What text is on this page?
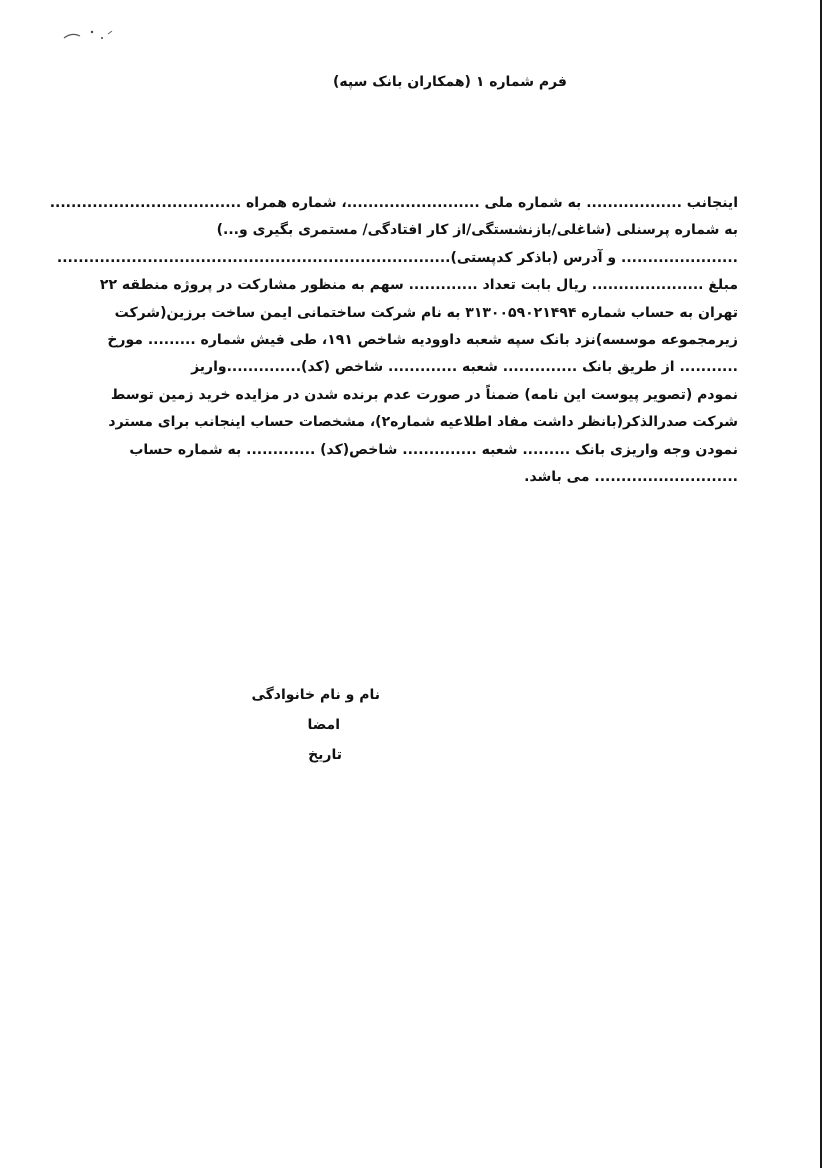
فرم شماره ۱ (همکاران بانک سپه)
اینجانب .................. به شماره ملی .........................، شماره همراه ....................................
به شماره پرسنلی (شاغلی/بازنشستگی/از کار افتادگی/ مستمری بگیری و...)
...................... و آدرس (باذکر کدپستی)..........................................................................
مبلغ ..................... ریال بابت تعداد ............. سهم به منظور مشارکت در پروژه منطقه ۲۲
تهران به حساب شماره ۳۱۳۰۰۵۹۰۲۱۴۹۴ به نام شرکت ساختمانی ایمن ساخت برزین(شرکت
زیرمجموعه موسسه)نزد بانک سپه شعبه داوودیه شاخص ۱۹۱، طی فیش شماره ......... مورخ
........... از طریق بانک .............. شعبه ............. شاخص (کد)..............واریز
نمودم (تصویر پیوست این نامه) ضمناً در صورت عدم برنده شدن در مزایده خرید زمین توسط
شرکت صدرالذکر(بانظر داشت مفاد اطلاعیه شماره۲)، مشخصات حساب اینجانب برای مسترد
نمودن وجه واریزی بانک ......... شعبه .............. شاخص(کد) ............. به شماره حساب
........................... می باشد.
نام و نام خانوادگی
امضا
تاریخ
